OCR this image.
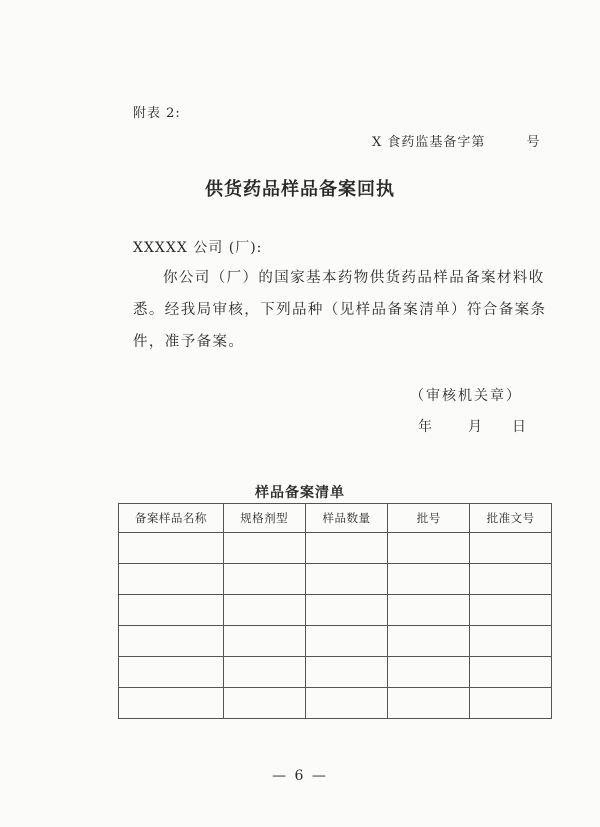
附表 2:
X 食药监基备字第        号
供货药品样品备案回执
XXXXX 公司 (厂):
你公司（厂）的国家基本药物供货药品样品备案材料收
悉。经我局审核，下列品种（见样品备案清单）符合备案条
件，准予备案。
（审核机关章）
年	月 日
样品备案清单
备案样品名称	规格剂型	样品数量	批号	批准文号

— 6 —
